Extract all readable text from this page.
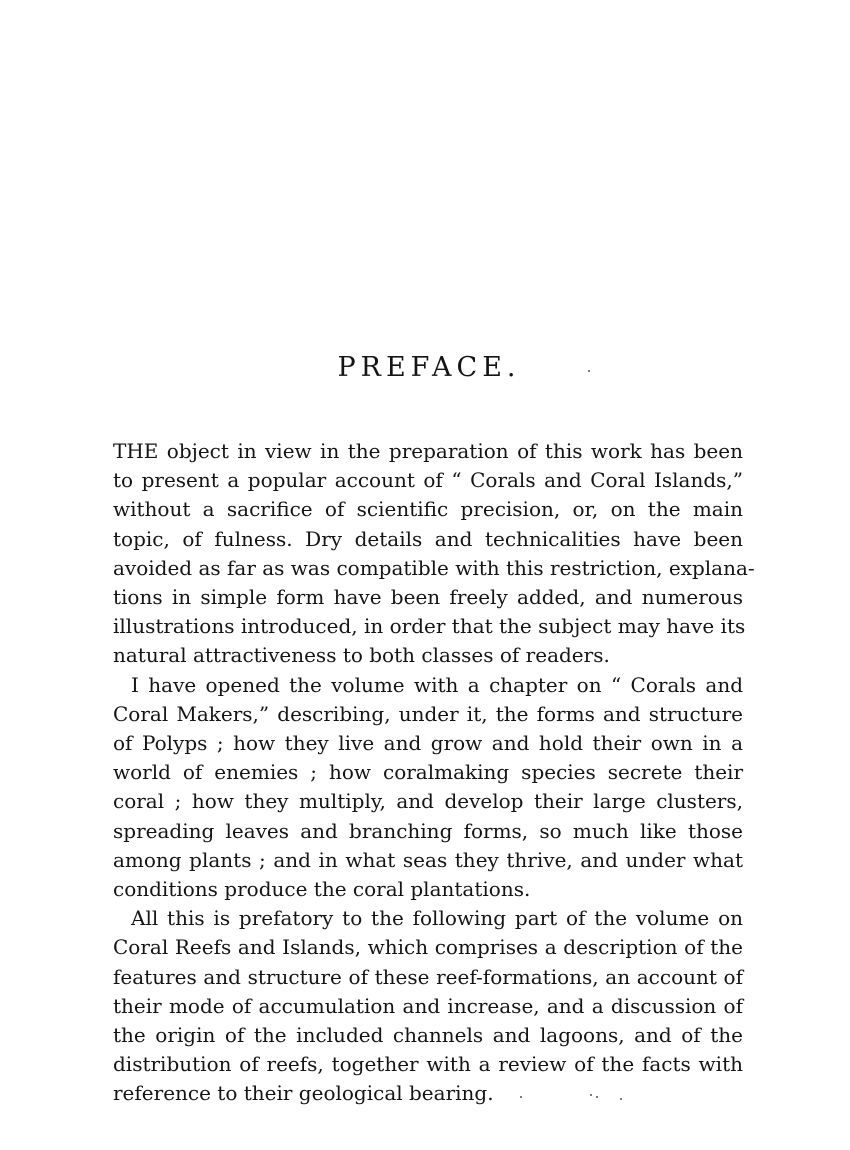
PREFACE.
THE object in view in the preparation of this work has been
to present a popular account of “ Corals and Coral Islands,”
without a sacrifice of scientific precision, or, on the main
topic, of fulness. Dry details and technicalities have been
avoided as far as was compatible with this restriction, explana-
tions in simple form have been freely added, and numerous
illustrations introduced, in order that the subject may have its
natural attractiveness to both classes of readers.
I have opened the volume with a chapter on “ Corals and
Coral Makers,” describing, under it, the forms and structure
of Polyps ; how they live and grow and hold their own in a
world of enemies ; how coralmaking species secrete their
coral ; how they multiply, and develop their large clusters,
spreading leaves and branching forms, so much like those
among plants ; and in what seas they thrive, and under what
conditions produce the coral plantations.
All this is prefatory to the following part of the volume on
Coral Reefs and Islands, which comprises a description of the
features and structure of these reef-formations, an account of
their mode of accumulation and increase, and a discussion of
the origin of the included channels and lagoons, and of the
distribution of reefs, together with a review of the facts with
reference to their geological bearing.
